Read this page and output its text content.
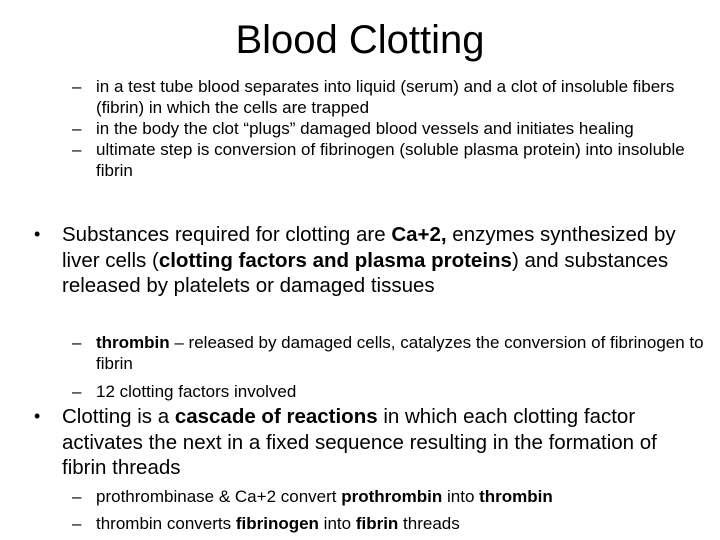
Blood Clotting
– in a test tube blood separates into liquid (serum) and a clot of insoluble fibers (fibrin) in which the cells are trapped
– in the body the clot “plugs” damaged blood vessels and initiates healing
– ultimate step is conversion of fibrinogen (soluble plasma protein) into insoluble fibrin
• Substances required for clotting are Ca+2, enzymes synthesized by liver cells (clotting factors and plasma proteins) and substances released by platelets or damaged tissues
– thrombin – released by damaged cells, catalyzes the conversion of fibrinogen to fibrin
– 12 clotting factors involved
• Clotting is a cascade of reactions in which each clotting factor activates the next in a fixed sequence resulting in the formation of fibrin threads
– prothrombinase & Ca+2 convert prothrombin into thrombin
– thrombin converts fibrinogen into fibrin threads
